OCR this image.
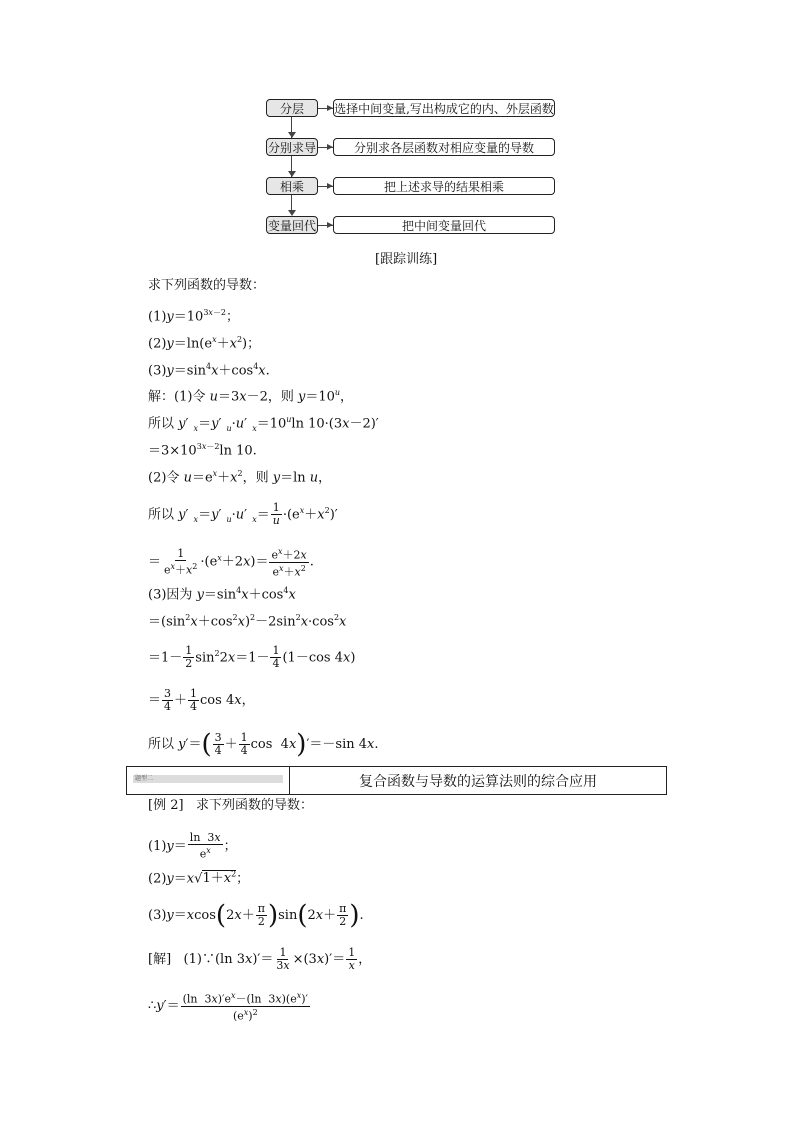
分层	选择中间变量,写出构成它的内、外层函数
分别求导	分别求各层函数对相应变量的导数
相乘	把上述求导的结果相乘
变量回代	把中间变量回代
[跟踪训练]
求下列函数的导数：
$(1)y=10^{3x-2}$；
$(2)y=\ln(e^x+x^2)$；
$(3)y=\sin^4x+\cos^4x$.
解：(1)令 u＝3x－2，则 $y=10^u$，
所以 y′ $_x$＝y′ $_u$·u′ $_x=10^u\ln$ 10·(3x－2)′
$=3\times 10^{3x-2}\ln$ 10.
(2)令 $u=e^x+x^2$，则 y＝ln u，
所以 y′ $_x$＝y′ $_u$·u′ $_x= \frac{1}{u} \cdot(e^x+x^2)'$
＝ $\frac{1}{e^x+x^2} \cdot(e^x+2x)= \frac{e^x+2x}{e^x+x^2}$ .
(3)因为 $y=\sin^4x+\cos^4x$
$=(\sin^2x+\cos^2x)^2-2\sin^2x\cdot\cos^2x$
$=1- \frac{1}{2} \sin^22x=1- \frac{1}{4} (1-\cos$ 4x)
＝ $\frac{3}{4} + \frac{1}{4}$ cos 4x，
所以 $y'=( \frac{3}{4} + \frac{1}{4}$ cos  4x)′＝－sin 4x.
题型二	复合函数与导数的运算法则的综合应用
[例 2] 求下列函数的导数：
$(1)y= \frac{\ln 3x}{e^x}$ ；
$(2)y=x√1+x^2$；
$(3)y=xcos(2x+ \frac{\pi}{2} )\sin(2x+ \frac{\pi}{2}$ ).
[解]   (1)∵(ln $3x)'= \frac{1}{3x} \times(3x)'= \frac{1}{x}$ ，
∴y′＝ $\frac{(\ln 3x)'e^x-(\ln 3x)(e^x)'}{(e^x)^2}$
